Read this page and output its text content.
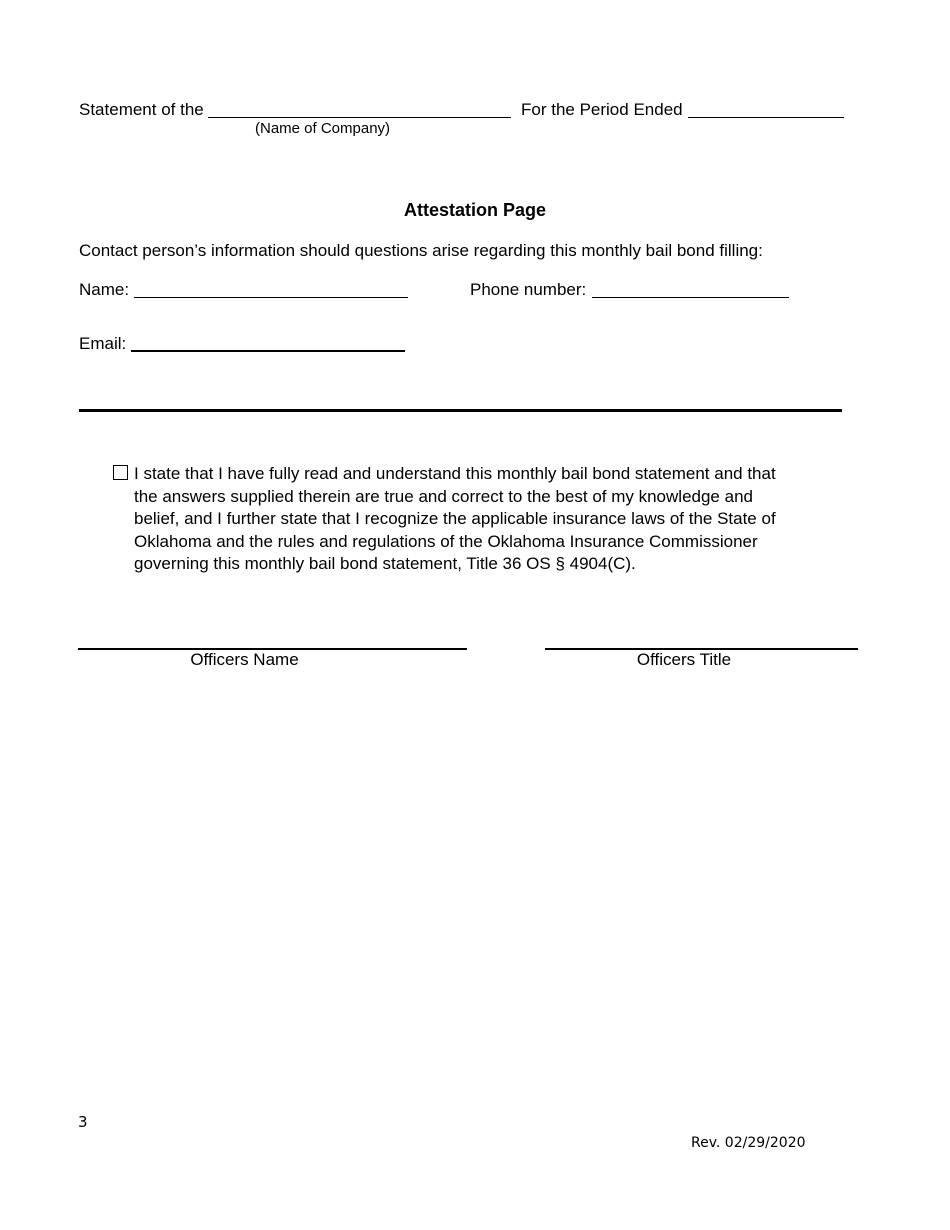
Statement of the
(Name of Company)
For the Period Ended
Attestation Page
Contact person’s information should questions arise regarding this monthly bail bond filling:
Name:	Phone number:
Email:
I state that I have fully read and understand this monthly bail bond statement and that the answers supplied therein are true and correct to the best of my knowledge and belief, and I further state that I recognize the applicable insurance laws of the State of Oklahoma and the rules and regulations of the Oklahoma Insurance Commissioner governing this monthly bail bond statement, Title 36 OS § 4904(C).
Officers Name	Officers Title
3
Rev. 02/29/2020
